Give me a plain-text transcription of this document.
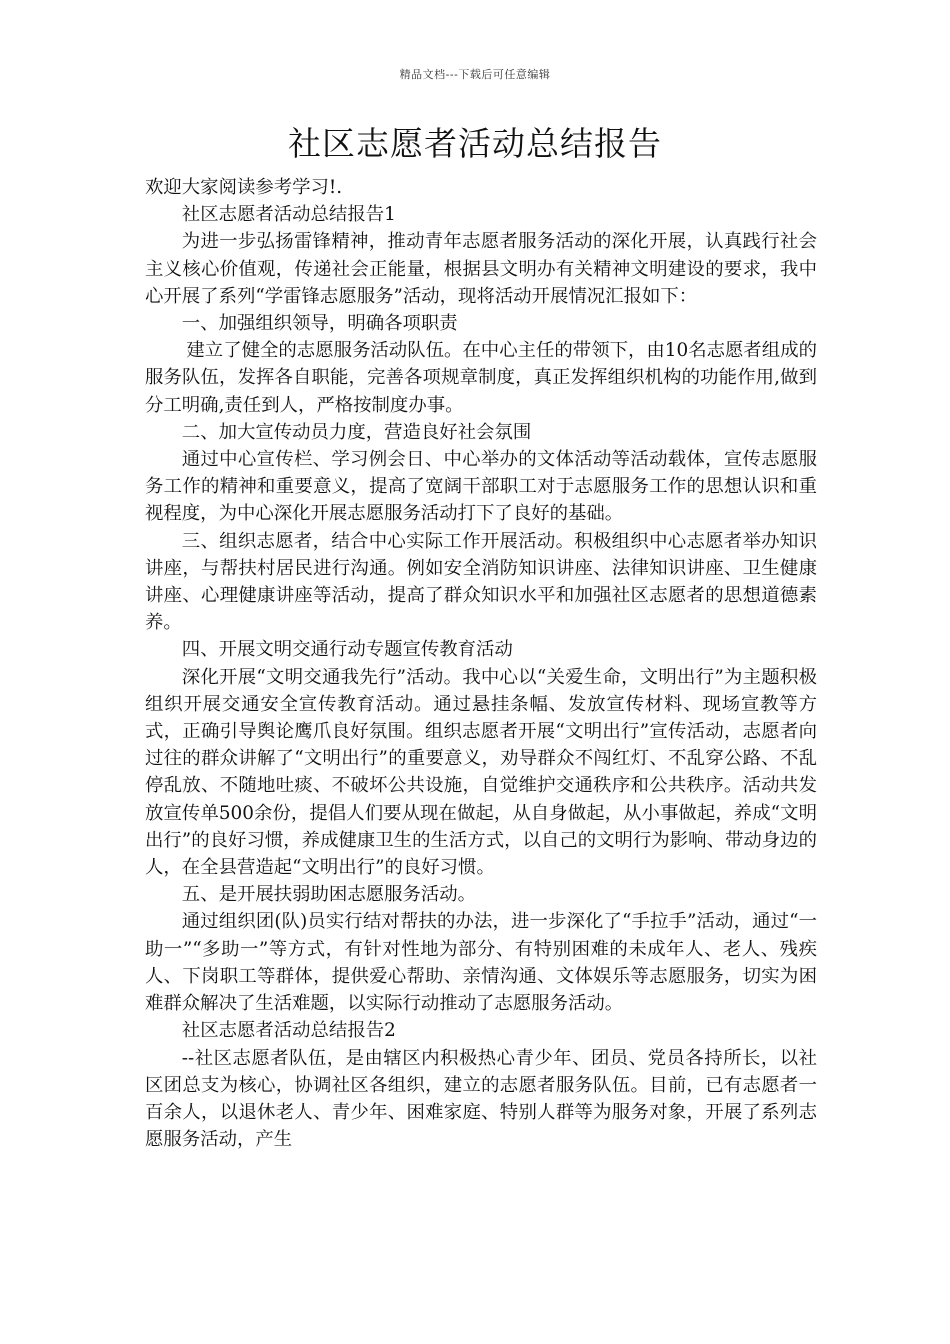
精品文档---下载后可任意编辑
社区志愿者活动总结报告

欢迎大家阅读参考学习!.

社区志愿者活动总结报告1

为进一步弘扬雷锋精神，推动青年志愿者服务活动的深化开展，认真践行社会主义核心价值观，传递社会正能量，根据县文明办有关精神文明建设的要求，我中心开展了系列“学雷锋志愿服务”活动，现将活动开展情况汇报如下：

一、加强组织领导，明确各项职责

建立了健全的志愿服务活动队伍。在中心主任的带领下，由10名志愿者组成的服务队伍，发挥各自职能，完善各项规章制度，真正发挥组织机构的功能作用,做到分工明确,责任到人，严格按制度办事。

二、加大宣传动员力度，营造良好社会氛围

通过中心宣传栏、学习例会日、中心举办的文体活动等活动载体，宣传志愿服务工作的精神和重要意义，提高了宽阔干部职工对于志愿服务工作的思想认识和重视程度，为中心深化开展志愿服务活动打下了良好的基础。

三、组织志愿者，结合中心实际工作开展活动。积极组织中心志愿者举办知识讲座，与帮扶村居民进行沟通。例如安全消防知识讲座、法律知识讲座、卫生健康讲座、心理健康讲座等活动，提高了群众知识水平和加强社区志愿者的思想道德素养。

四、开展文明交通行动专题宣传教育活动

深化开展“文明交通我先行”活动。我中心以“关爱生命，文明出行”为主题积极组织开展交通安全宣传教育活动。通过悬挂条幅、发放宣传材料、现场宣教等方式，正确引导舆论鹰爪良好氛围。组织志愿者开展“文明出行”宣传活动，志愿者向过往的群众讲解了“文明出行”的重要意义，劝导群众不闯红灯、不乱穿公路、不乱停乱放、不随地吐痰、不破坏公共设施，自觉维护交通秩序和公共秩序。活动共发放宣传单500余份，提倡人们要从现在做起，从自身做起，从小事做起，养成“文明出行”的良好习惯，养成健康卫生的生活方式，以自己的文明行为影响、带动身边的人，在全县营造起“文明出行”的良好习惯。

五、是开展扶弱助困志愿服务活动。

通过组织团(队)员实行结对帮扶的办法，进一步深化了“手拉手”活动，通过“一助一”“多助一”等方式，有针对性地为部分、有特别困难的未成年人、老人、残疾人、下岗职工等群体，提供爱心帮助、亲情沟通、文体娱乐等志愿服务，切实为困难群众解决了生活难题，以实际行动推动了志愿服务活动。

社区志愿者活动总结报告2

--社区志愿者队伍，是由辖区内积极热心青少年、团员、党员各持所长，以社区团总支为核心，协调社区各组织，建立的志愿者服务队伍。目前，已有志愿者一百余人，以退休老人、青少年、困难家庭、特别人群等为服务对象，开展了系列志愿服务活动，产生
